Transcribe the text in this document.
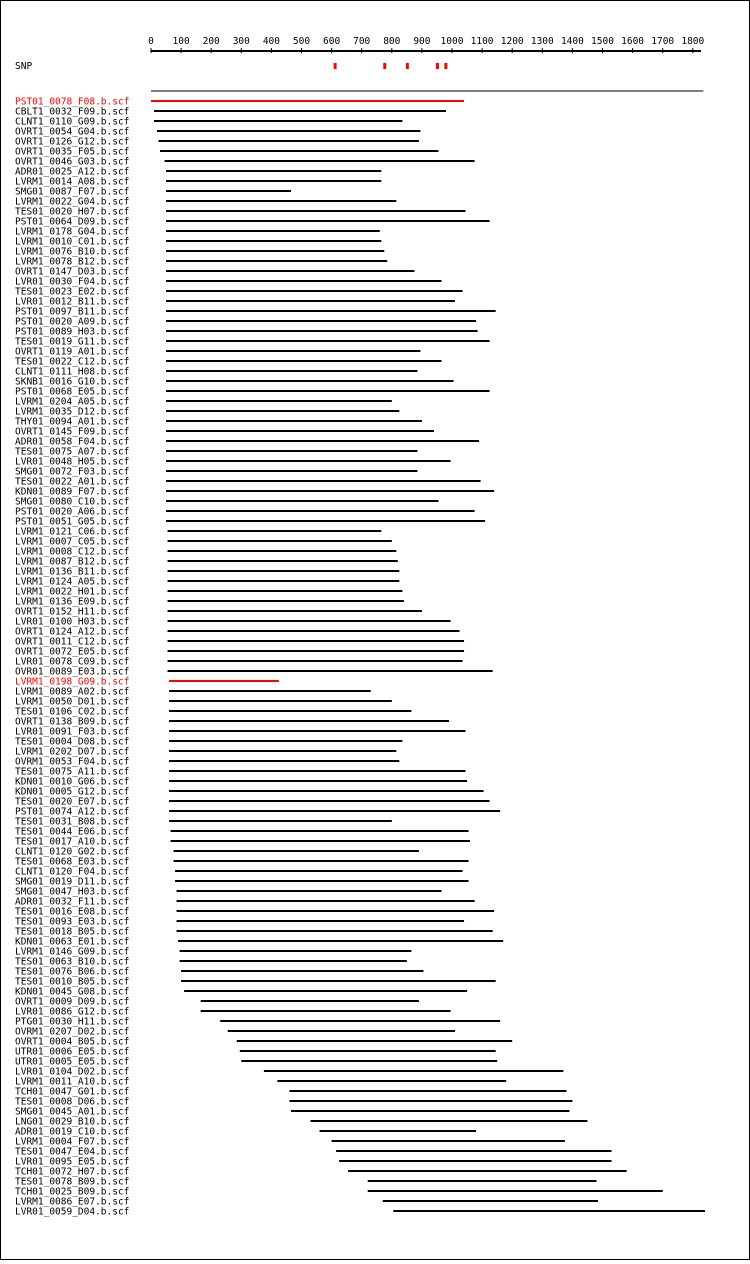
0 100 200 300 400 500 600 700 800 900 1000 1100 1200 1300 1400 1500 1600 1700 1800
SNP
PST01_0078_F08.b.scf
CBLT1_0032_F09.b.scf
CLNT1_0110_G09.b.scf
OVRT1_0054_G04.b.scf
OVRT1_0126_G12.b.scf
OVRT1_0035_F05.b.scf
OVRT1_0046_G03.b.scf
ADR01_0025_A12.b.scf
LVRM1_0014_A08.b.scf
SMG01_0087_F07.b.scf
LVRM1_0022_G04.b.scf
TES01_0020_H07.b.scf
PST01_0064_D09.b.scf
LVRM1_0178_G04.b.scf
LVRM1_0010_C01.b.scf
LVRM1_0076_B10.b.scf
LVRM1_0078_B12.b.scf
OVRT1_0147_D03.b.scf
LVR01_0030_F04.b.scf
TES01_0023_E02.b.scf
LVR01_0012_B11.b.scf
PST01_0097_B11.b.scf
PST01_0020_A09.b.scf
PST01_0089_H03.b.scf
TES01_0019_G11.b.scf
OVRT1_0119_A01.b.scf
TES01_0022_C12.b.scf
CLNT1_0111_H08.b.scf
SKNB1_0016_G10.b.scf
PST01_0068_E05.b.scf
LVRM1_0204_A05.b.scf
LVRM1_0035_D12.b.scf
THY01_0094_A01.b.scf
OVRT1_0145_F09.b.scf
ADR01_0058_F04.b.scf
TES01_0075_A07.b.scf
LVR01_0048_H05.b.scf
SMG01_0072_F03.b.scf
TES01_0022_A01.b.scf
KDN01_0089_F07.b.scf
SMG01_0080_C10.b.scf
PST01_0020_A06.b.scf
PST01_0051_G05.b.scf
LVRM1_0121_C06.b.scf
LVRM1_0007_C05.b.scf
LVRM1_0008_C12.b.scf
LVRM1_0087_B12.b.scf
LVRM1_0136_B11.b.scf
LVRM1_0124_A05.b.scf
LVRM1_0022_H01.b.scf
LVRM1_0136_E09.b.scf
OVRT1_0152_H11.b.scf
LVR01_0100_H03.b.scf
OVRT1_0124_A12.b.scf
OVRT1_0011_C12.b.scf
OVRT1_0072_E05.b.scf
LVR01_0078_C09.b.scf
OVR01_0089_E03.b.scf
LVRM1_0198_G09.b.scf
LVRM1_0089_A02.b.scf
LVRM1_0050_D01.b.scf
TES01_0106_C02.b.scf
OVRT1_0138_B09.b.scf
LVR01_0091_F03.b.scf
TES01_0004_D08.b.scf
LVRM1_0202_D07.b.scf
OVRM1_0053_F04.b.scf
TES01_0075_A11.b.scf
KDN01_0010_G06.b.scf
KDN01_0005_G12.b.scf
TES01_0020_E07.b.scf
PST01_0074_A12.b.scf
TES01_0031_B08.b.scf
TES01_0044_E06.b.scf
TES01_0017_A10.b.scf
CLNT1_0120_G02.b.scf
TES01_0068_E03.b.scf
CLNT1_0120_F04.b.scf
SMG01_0019_D11.b.scf
SMG01_0047_H03.b.scf
ADR01_0032_F11.b.scf
TES01_0016_E08.b.scf
TES01_0093_E03.b.scf
TES01_0018_B05.b.scf
KDN01_0063_E01.b.scf
LVRM1_0146_G09.b.scf
TES01_0063_B10.b.scf
TES01_0076_B06.b.scf
TES01_0010_B05.b.scf
KDN01_0045_G08.b.scf
OVRT1_0009_D09.b.scf
LVR01_0086_G12.b.scf
PTG01_0030_H11.b.scf
OVRM1_0207_D02.b.scf
OVRT1_0004_B05.b.scf
UTR01_0006_E05.b.scf
UTR01_0005_E05.b.scf
LVR01_0104_D02.b.scf
LVRM1_0011_A10.b.scf
TCH01_0047_G01.b.scf
TES01_0008_D06.b.scf
SMG01_0045_A01.b.scf
LNG01_0029_B10.b.scf
ADR01_0019_C10.b.scf
LVRM1_0004_F07.b.scf
TES01_0047_E04.b.scf
LVR01_0095_E05.b.scf
TCH01_0072_H07.b.scf
TES01_0078_B09.b.scf
TCH01_0025_B09.b.scf
LVRM1_0086_E07.b.scf
LVR01_0059_D04.b.scf
